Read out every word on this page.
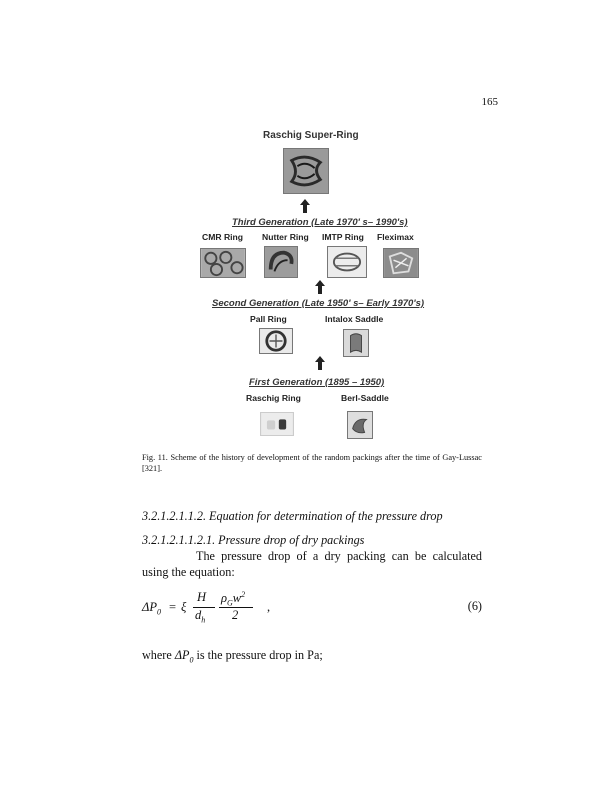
165
Raschig Super-Ring
Third Generation (Late 1970' s– 1990's)
CMR Ring Nutter Ring IMTP Ring Fleximax
Second Generation (Late 1950' s– Early 1970's)
Pall Ring	Intalox Saddle
First Generation (1895 – 1950)
Raschig Ring	Berl-Saddle
Fig. 11. Scheme of the history of development of the random packings after the time of Gay-Lussac [321].
3.2.1.2.1.1.2. Equation for determination of the pressure drop
3.2.1.2.1.1.2.1. Pressure drop of dry packings
The pressure drop of a dry packing can be calculated using the equation:
$\Delta P_0 = \xi$
H
$d_h$
$\rho_Gw^2$
2
,	(6)
where $\Delta P_0$ is the pressure drop in Pa;
